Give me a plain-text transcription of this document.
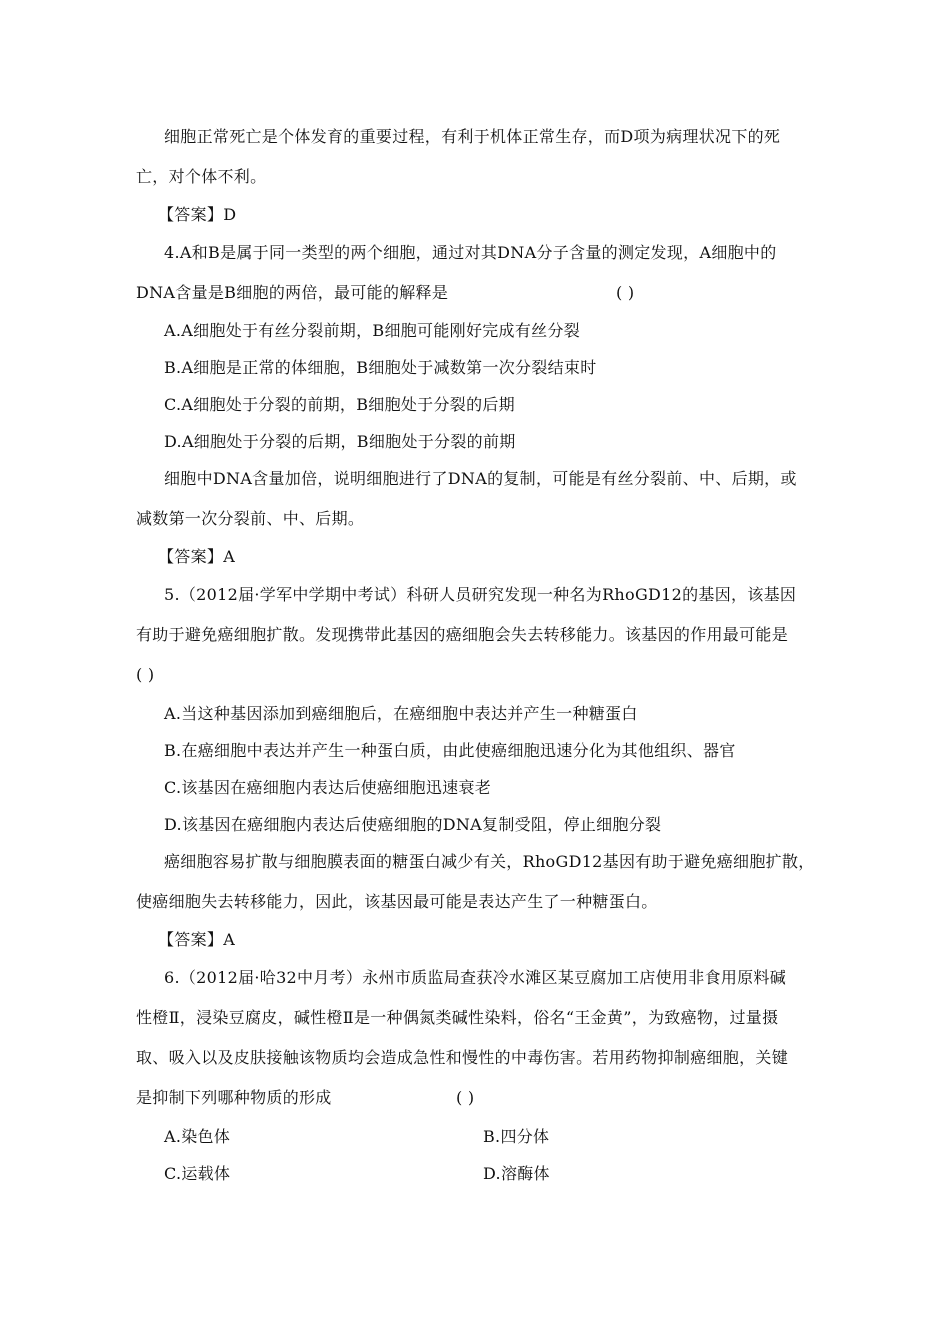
细胞正常死亡是个体发育的重要过程，有利于机体正常生存，而D项为病理状况下的死
亡，对个体不利。
【答案】D
4.A和B是属于同一类型的两个细胞，通过对其DNA分子含量的测定发现，A细胞中的
DNA含量是B细胞的两倍，最可能的解释是	( )
A.A细胞处于有丝分裂前期，B细胞可能刚好完成有丝分裂
B.A细胞是正常的体细胞，B细胞处于减数第一次分裂结束时
C.A细胞处于分裂的前期，B细胞处于分裂的后期
D.A细胞处于分裂的后期，B细胞处于分裂的前期
细胞中DNA含量加倍，说明细胞进行了DNA的复制，可能是有丝分裂前、中、后期，或
减数第一次分裂前、中、后期。
【答案】A
5.（2012届·学军中学期中考试）科研人员研究发现一种名为RhoGD12的基因，该基因
有助于避免癌细胞扩散。发现携带此基因的癌细胞会失去转移能力。该基因的作用最可能是
( )
A.当这种基因添加到癌细胞后，在癌细胞中表达并产生一种糖蛋白
B.在癌细胞中表达并产生一种蛋白质，由此使癌细胞迅速分化为其他组织、器官
C.该基因在癌细胞内表达后使癌细胞迅速衰老
D.该基因在癌细胞内表达后使癌细胞的DNA复制受阻，停止细胞分裂
癌细胞容易扩散与细胞膜表面的糖蛋白减少有关，RhoGD12基因有助于避免癌细胞扩散，
使癌细胞失去转移能力，因此，该基因最可能是表达产生了一种糖蛋白。
【答案】A
6.（2012届·哈32中月考）永州市质监局查获冷水滩区某豆腐加工店使用非食用原料碱
性橙Ⅱ，浸染豆腐皮，碱性橙Ⅱ是一种偶氮类碱性染料，俗名“王金黄”，为致癌物，过量摄
取、吸入以及皮肤接触该物质均会造成急性和慢性的中毒伤害。若用药物抑制癌细胞，关键
是抑制下列哪种物质的形成	( )
A.染色体	B.四分体
C.运载体	D.溶酶体
